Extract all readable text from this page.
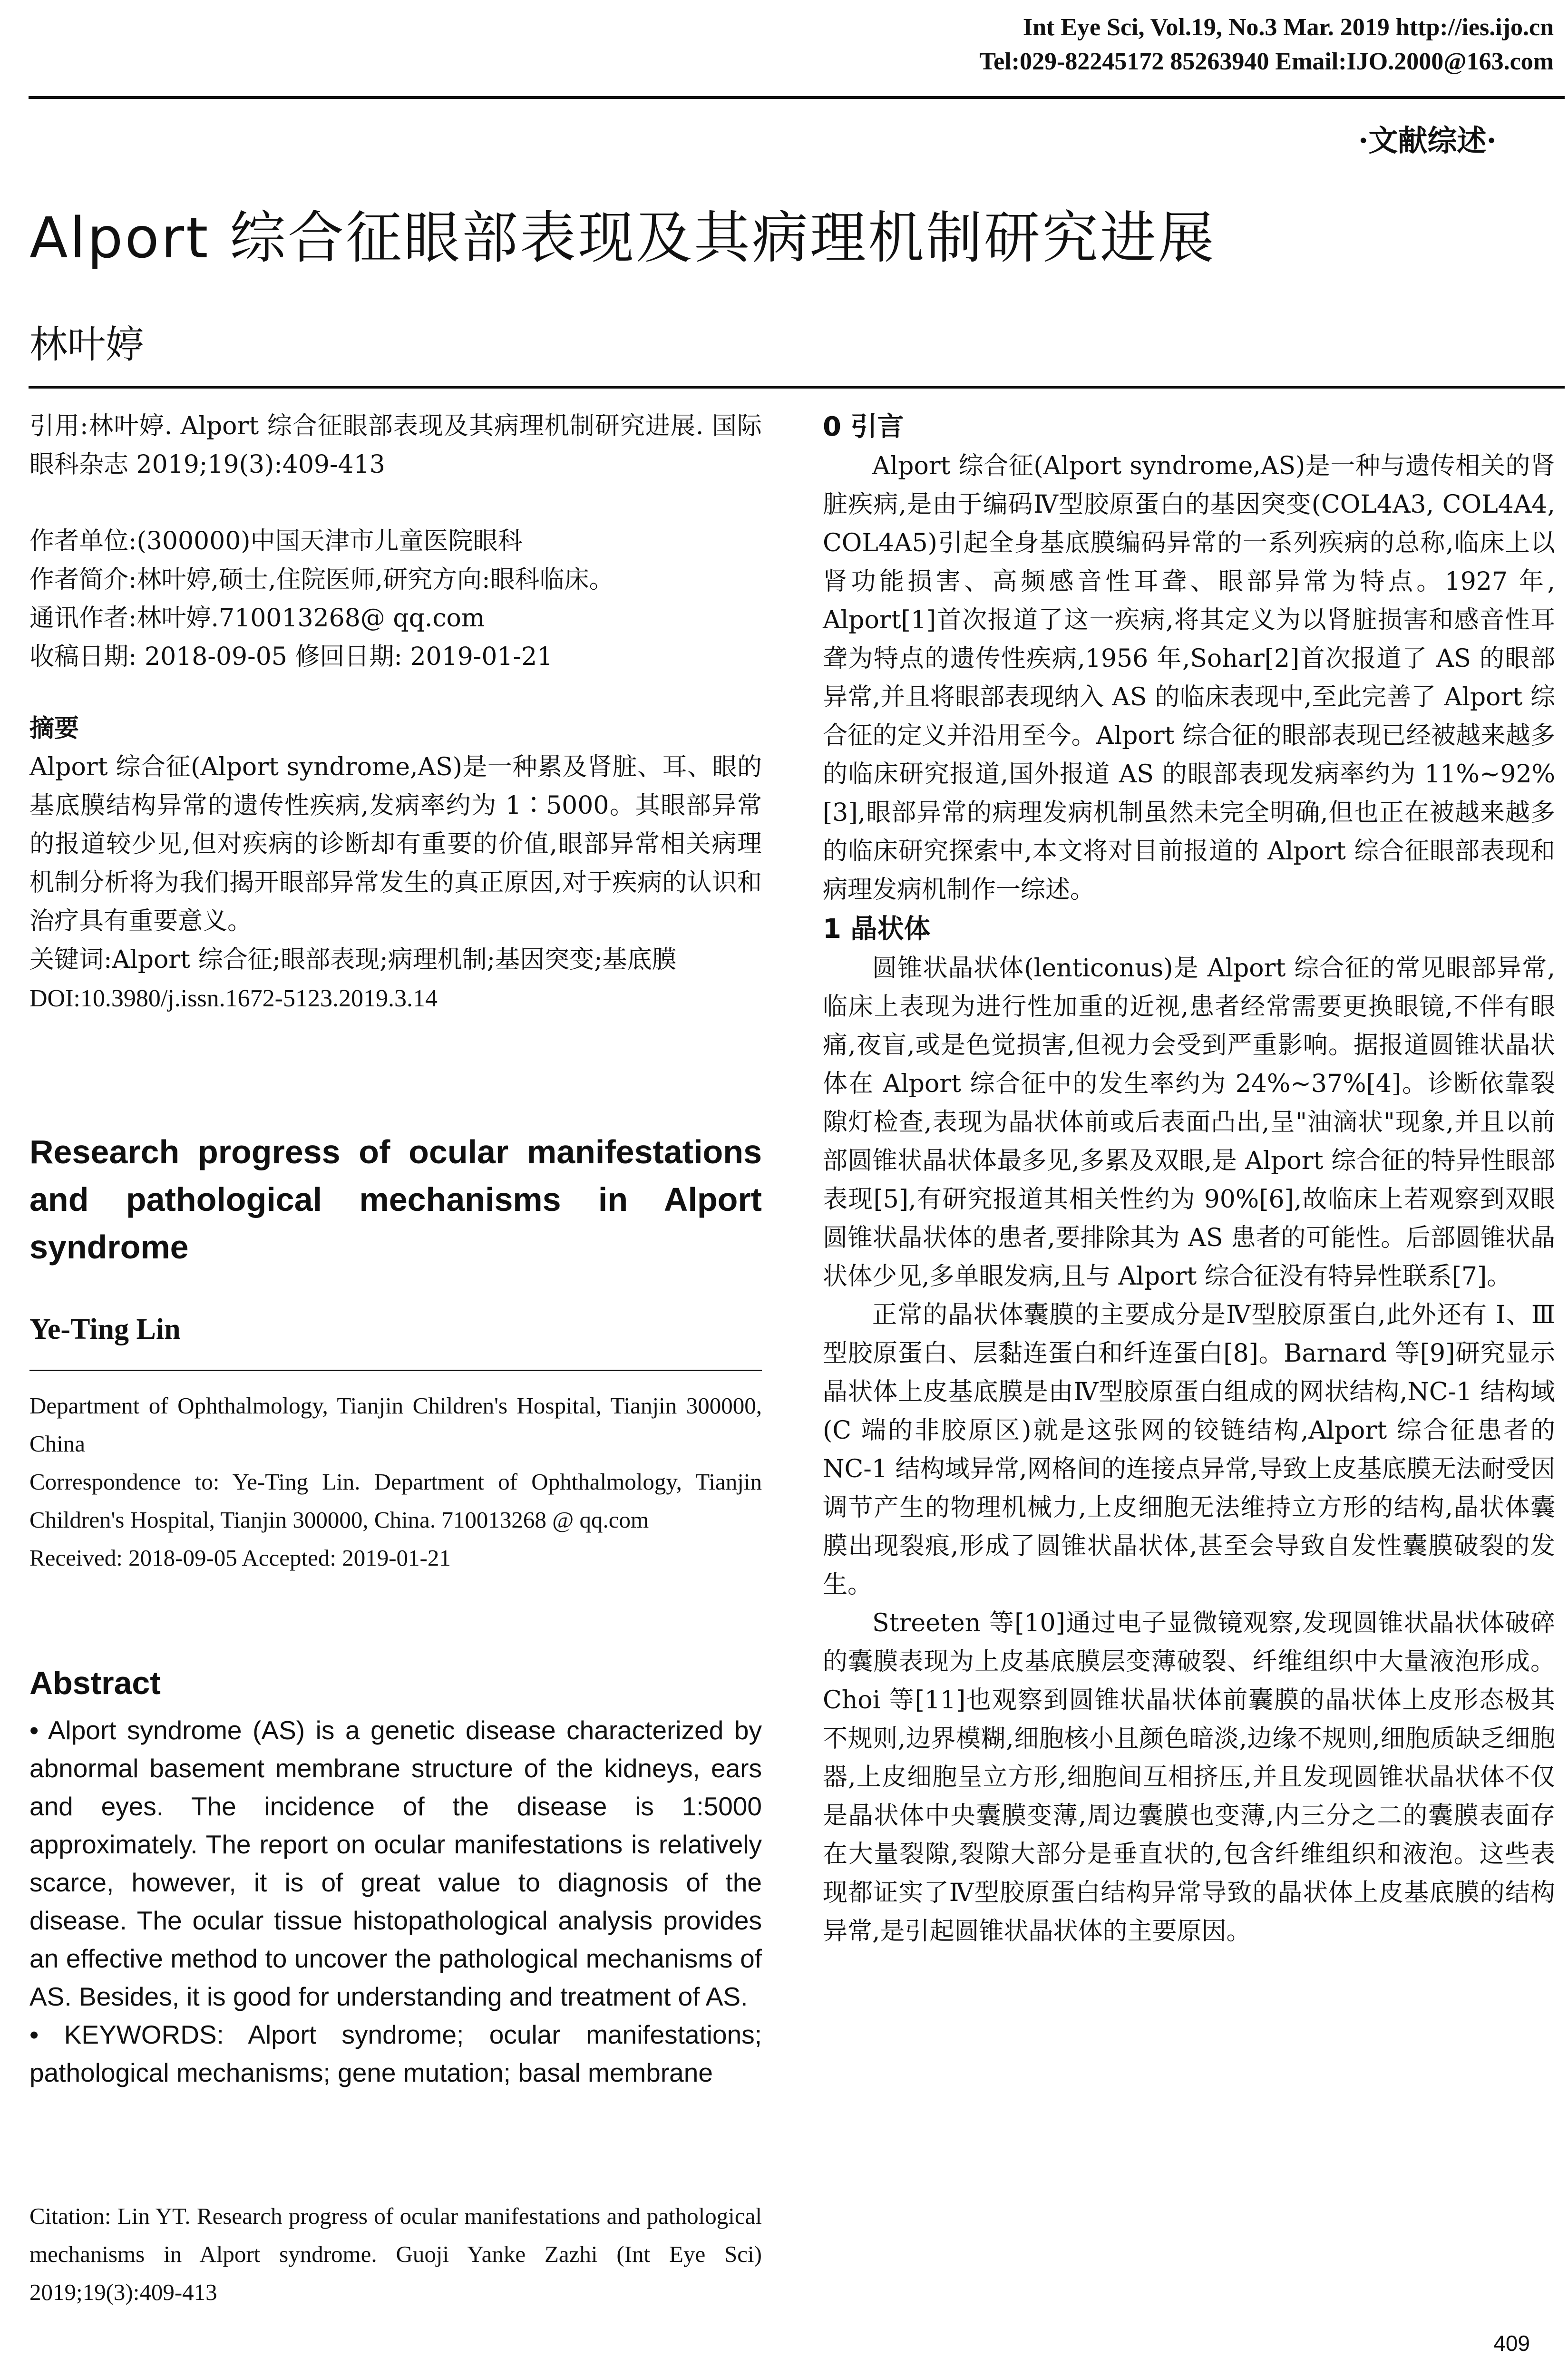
Int Eye Sci, Vol.19, No.3 Mar. 2019 http://ies.ijo.cn
Tel:029-82245172 85263940 Email:IJO.2000@163.com
·文献综述·
Alport 综合征眼部表现及其病理机制研究进展
林叶婷

引用:林叶婷. Alport 综合征眼部表现及其病理机制研究进展. 国际眼科杂志 2019;19(3):409-413

作者单位:(300000)中国天津市儿童医院眼科

作者简介:林叶婷,硕士,住院医师,研究方向:眼科临床。

通讯作者:林叶婷.710013268@ qq.com

收稿日期: 2018-09-05 修回日期: 2019-01-21

摘要

Alport 综合征(Alport syndrome,AS)是一种累及肾脏、耳、眼的基底膜结构异常的遗传性疾病,发病率约为 1∶5000。其眼部异常的报道较少见,但对疾病的诊断却有重要的价值,眼部异常相关病理机制分析将为我们揭开眼部异常发生的真正原因,对于疾病的认识和治疗具有重要意义。

关键词:Alport 综合征;眼部表现;病理机制;基因突变;基底膜

DOI:10.3980/j.issn.1672-5123.2019.3.14

Research progress of ocular manifestations and pathological mechanisms in Alport syndrome
Ye-Ting Lin

Department of Ophthalmology, Tianjin Children's Hospital, Tianjin 300000, China

Correspondence to: Ye-Ting Lin. Department of Ophthalmology, Tianjin Children's Hospital, Tianjin 300000, China. 710013268 @ qq.com

Received: 2018-09-05 Accepted: 2019-01-21

Abstract

• Alport syndrome (AS) is a genetic disease characterized by abnormal basement membrane structure of the kidneys, ears and eyes. The incidence of the disease is 1:5000 approximately. The report on ocular manifestations is relatively scarce, however, it is of great value to diagnosis of the disease. The ocular tissue histopathological analysis provides an effective method to uncover the pathological mechanisms of AS. Besides, it is good for understanding and treatment of AS.

• KEYWORDS: Alport syndrome; ocular manifestations; pathological mechanisms; gene mutation; basal membrane

Citation: Lin YT. Research progress of ocular manifestations and pathological mechanisms in Alport syndrome. Guoji Yanke Zazhi (Int Eye Sci) 2019;19(3):409-413

0 引言

Alport 综合征(Alport syndrome,AS)是一种与遗传相关的肾脏疾病,是由于编码Ⅳ型胶原蛋白的基因突变(COL4A3, COL4A4, COL4A5)引起全身基底膜编码异常的一系列疾病的总称,临床上以肾功能损害、高频感音性耳聋、眼部异常为特点。1927 年, Alport[1]首次报道了这一疾病,将其定义为以肾脏损害和感音性耳聋为特点的遗传性疾病,1956 年,Sohar[2]首次报道了 AS 的眼部异常,并且将眼部表现纳入 AS 的临床表现中,至此完善了 Alport 综合征的定义并沿用至今。Alport 综合征的眼部表现已经被越来越多的临床研究报道,国外报道 AS 的眼部表现发病率约为 11%~92%[3],眼部异常的病理发病机制虽然未完全明确,但也正在被越来越多的临床研究探索中,本文将对目前报道的 Alport 综合征眼部表现和病理发病机制作一综述。

1 晶状体

圆锥状晶状体(lenticonus)是 Alport 综合征的常见眼部异常,临床上表现为进行性加重的近视,患者经常需要更换眼镜,不伴有眼痛,夜盲,或是色觉损害,但视力会受到严重影响。据报道圆锥状晶状体在 Alport 综合征中的发生率约为 24%~37%[4]。诊断依靠裂隙灯检查,表现为晶状体前或后表面凸出,呈"油滴状"现象,并且以前部圆锥状晶状体最多见,多累及双眼,是 Alport 综合征的特异性眼部表现[5],有研究报道其相关性约为 90%[6],故临床上若观察到双眼圆锥状晶状体的患者,要排除其为 AS 患者的可能性。后部圆锥状晶状体少见,多单眼发病,且与 Alport 综合征没有特异性联系[7]。

正常的晶状体囊膜的主要成分是Ⅳ型胶原蛋白,此外还有 Ⅰ、Ⅲ 型胶原蛋白、层黏连蛋白和纤连蛋白[8]。Barnard 等[9]研究显示晶状体上皮基底膜是由Ⅳ型胶原蛋白组成的网状结构,NC-1 结构域(C 端的非胶原区)就是这张网的铰链结构,Alport 综合征患者的 NC-1 结构域异常,网格间的连接点异常,导致上皮基底膜无法耐受因调节产生的物理机械力,上皮细胞无法维持立方形的结构,晶状体囊膜出现裂痕,形成了圆锥状晶状体,甚至会导致自发性囊膜破裂的发生。

Streeten 等[10]通过电子显微镜观察,发现圆锥状晶状体破碎的囊膜表现为上皮基底膜层变薄破裂、纤维组织中大量液泡形成。Choi 等[11]也观察到圆锥状晶状体前囊膜的晶状体上皮形态极其不规则,边界模糊,细胞核小且颜色暗淡,边缘不规则,细胞质缺乏细胞器,上皮细胞呈立方形,细胞间互相挤压,并且发现圆锥状晶状体不仅是晶状体中央囊膜变薄,周边囊膜也变薄,内三分之二的囊膜表面存在大量裂隙,裂隙大部分是垂直状的,包含纤维组织和液泡。这些表现都证实了Ⅳ型胶原蛋白结构异常导致的晶状体上皮基底膜的结构异常,是引起圆锥状晶状体的主要原因。

409
